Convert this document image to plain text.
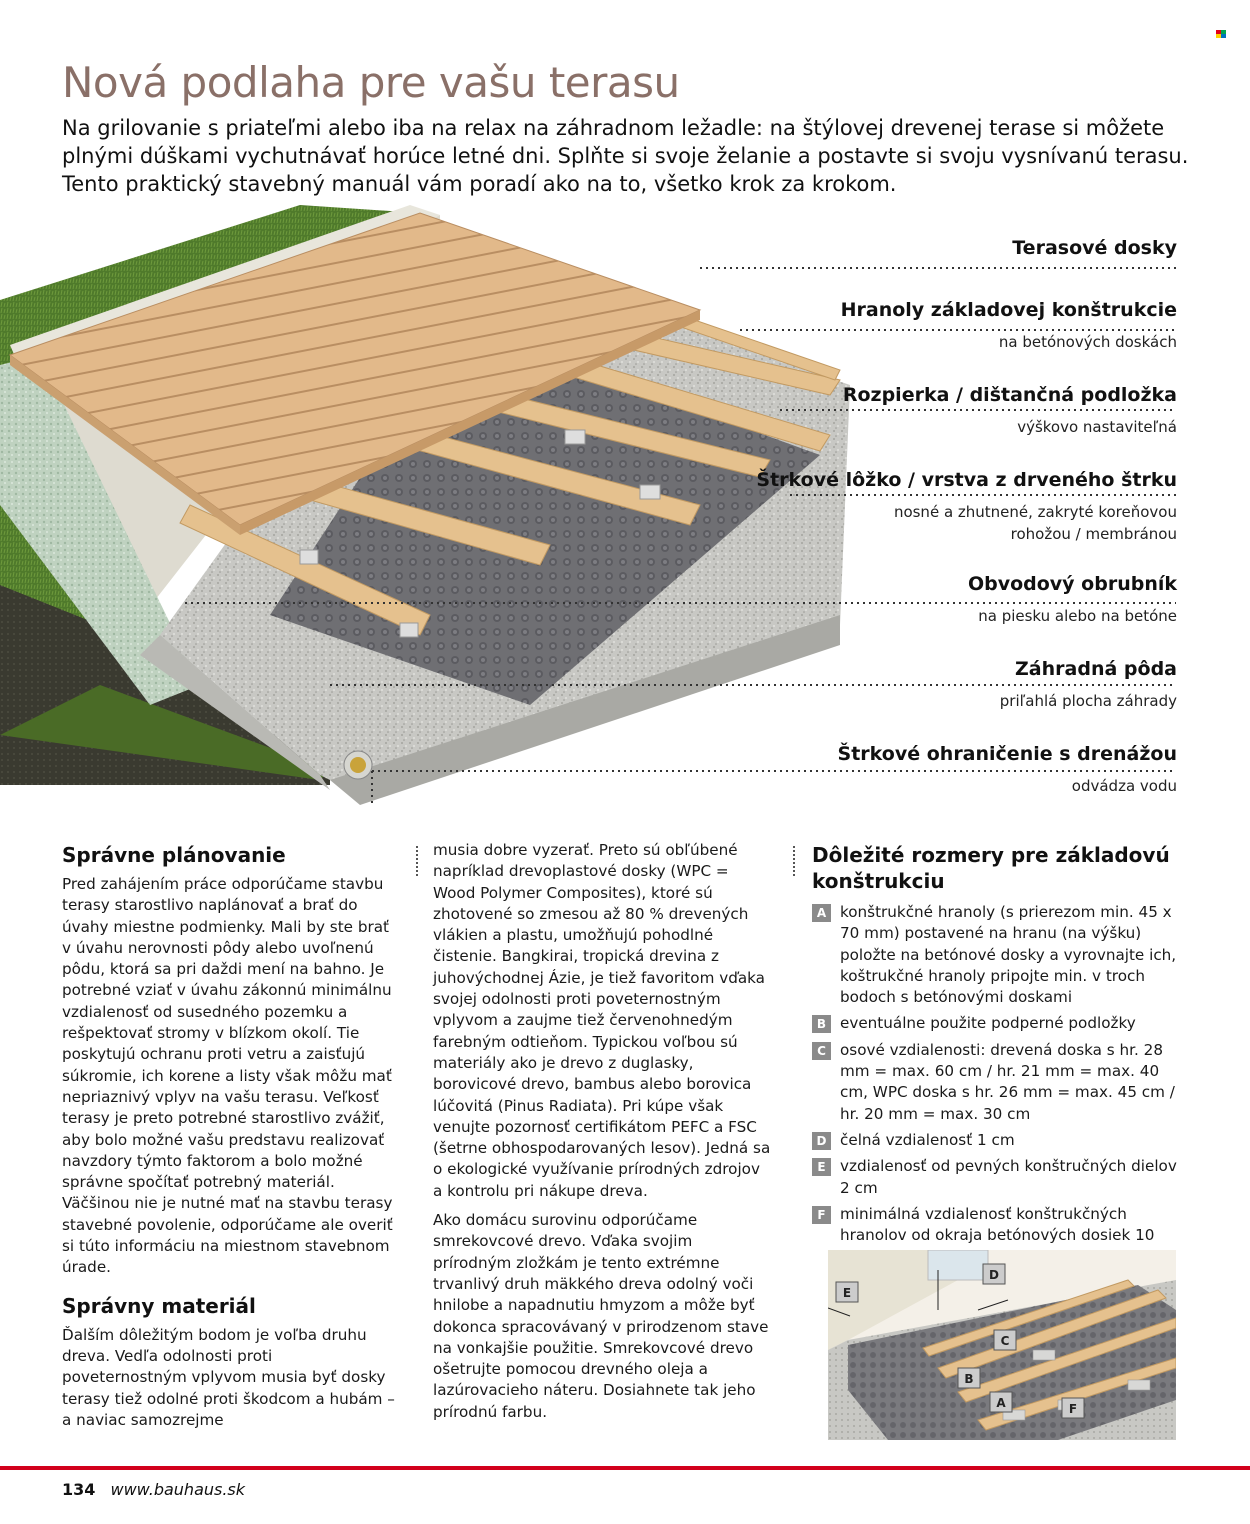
Nová podlaha pre vašu terasu

Na grilovanie s priateľmi alebo iba na relax na záhradnom ležadle: na štýlovej drevenej terase si môžete plnými dúškami vychutnávať horúce letné dni. Splňte si svoje želanie a postavte si svoju vysnívanú terasu. Tento praktický stavebný manuál vám poradí ako na to, všetko krok za krokom.

Terasové dosky
Hranoly základovej konštrukcie
na betónových doskách
Rozpierka / dištančná podložka
výškovo nastaviteľná
Štrkové lôžko / vrstva z drveného štrku
nosné a zhutnené, zakryté koreňovou rohožou / membránou
Obvodový obrubník
na piesku alebo na betóne
Záhradná pôda
priľahlá plocha záhrady
Štrkové ohraničenie s drenážou
odvádza vodu
Správne plánovanie

Pred zahájením práce odporúčame stavbu terasy starostlivo naplánovať a brať do úvahy miestne podmienky. Mali by ste brať v úvahu nerovnosti pôdy alebo uvoľnenú pôdu, ktorá sa pri daždi mení na bahno. Je potrebné vziať v úvahu zákonnú minimálnu vzdialenosť od susedného pozemku a rešpektovať stromy v blízkom okolí. Tie poskytujú ochranu proti vetru a zaisťujú súkromie, ich korene a listy však môžu mať nepriaznivý vplyv na vašu terasu. Veľkosť terasy je preto potrebné starostlivo zvážiť, aby bolo možné vašu predstavu realizovať navzdory týmto faktorom a bolo možné správne spočítať potrebný materiál. Väčšinou nie je nutné mať na stavbu terasy stavebné povolenie, odporúčame ale overiť si túto informáciu na miestnom stavebnom úrade.

Správny materiál

Ďalším dôležitým bodom je voľba druhu dreva. Vedľa odolnosti proti poveternostným vplyvom musia byť dosky terasy tiež odolné proti škodcom a hubám – a naviac samozrejme

musia dobre vyzerať. Preto sú obľúbené napríklad drevoplastové dosky (WPC = Wood Polymer Composites), ktoré sú zhotovené so zmesou až 80 % drevených vlákien a plastu, umožňujú pohodlné čistenie. Bangkirai, tropická drevina z juhovýchodnej Ázie, je tiež favoritom vďaka svojej odolnosti proti poveternostným vplyvom a zaujme tiež červenohnedým farebným odtieňom. Typickou voľbou sú materiály ako je drevo z duglasky, borovicové drevo, bambus alebo borovica lúčovitá (Pinus Radiata). Pri kúpe však venujte pozornosť certifikátom PEFC a FSC (šetrne obhospodarovaných lesov). Jedná sa o ekologické využívanie prírodných zdrojov a kontrolu pri nákupe dreva.

Ako domácu surovinu odporúčame smrekovcové drevo. Vďaka svojim prírodným zložkám je tento extrémne trvanlivý druh mäkkého dreva odolný voči hnilobe a napadnutiu hmyzom a môže byť dokonca spracovávaný v prirodzenom stave na vonkajšie použitie. Smrekovcové drevo ošetrujte pomocou drevného oleja a lazúrovacieho náteru. Dosiahnete tak jeho prírodnú farbu.

Dôležité rozmery pre základovú konštrukciu
A konštrukčné hranoly (s prierezom min. 45 x 70 mm) postavené na hranu (na výšku) položte na betónové dosky a vyrovnajte ich, koštrukčné hranoly pripojte min. v troch bodoch s betónovými doskami
B eventuálne použite podperné podložky
C osové vzdialenosti: drevená doska s hr. 28 mm = max. 60 cm / hr. 21 mm = max. 40 cm, WPC doska s hr. 26 mm = max. 45 cm / hr. 20 mm = max. 30 cm
D čelná vzdialenosť 1 cm
E vzdialenosť od pevných konštručných dielov 2 cm
F minimálná vzdialenosť konštrukčných hranolov od okraja betónových dosiek 10
E
D
C
B
A	F
134 www.bauhaus.sk
